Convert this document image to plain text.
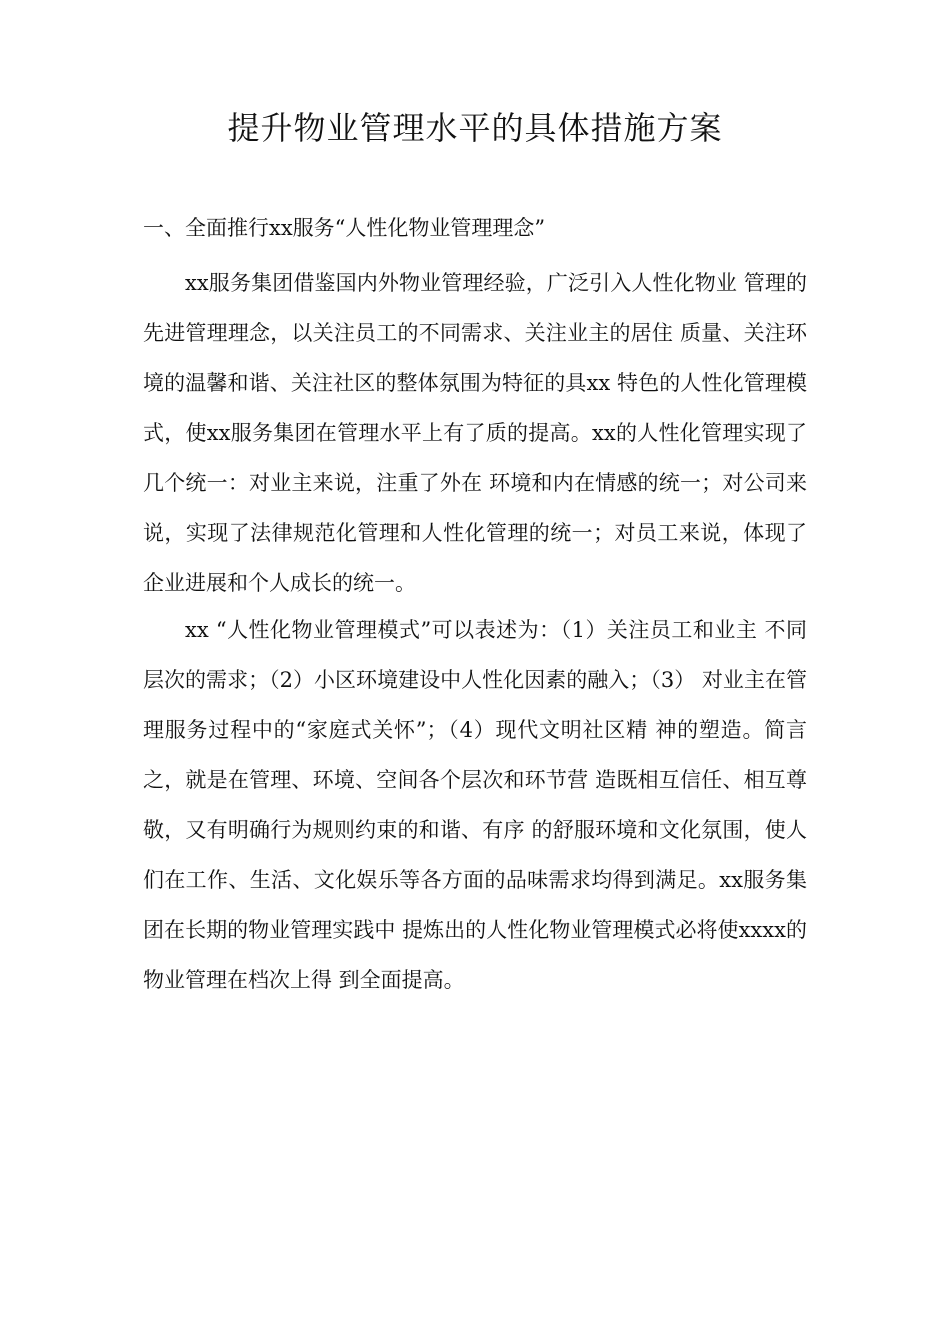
提升物业管理水平的具体措施方案
一、全面推行xx服务“人性化物业管理理念”

xx服务集团借鉴国内外物业管理经验，广泛引入人性化物业 管理的先进管理理念，以关注员工的不同需求、关注业主的居住 质量、关注环境的温馨和谐、关注社区的整体氛围为特征的具xx 特色的人性化管理模式，使xx服务集团在管理水平上有了质的提高。xx的人性化管理实现了几个统一：对业主来说，注重了外在 环境和内在情感的统一；对公司来说，实现了法律规范化管理和人性化管理的统一；对员工来说，体现了企业进展和个人成长的统一。

xx “人性化物业管理模式”可以表述为：（1）关注员工和业主 不同层次的需求；（2）小区环境建设中人性化因素的融入；（3） 对业主在管理服务过程中的“家庭式关怀”；（4）现代文明社区精 神的塑造。简言之，就是在管理、环境、空间各个层次和环节营 造既相互信任、相互尊敬，又有明确行为规则约束的和谐、有序 的舒服环境和文化氛围，使人们在工作、生活、文化娱乐等各方面的品味需求均得到满足。xx服务集团在长期的物业管理实践中 提炼出的人性化物业管理模式必将使xxxx的物业管理在档次上得 到全面提高。
